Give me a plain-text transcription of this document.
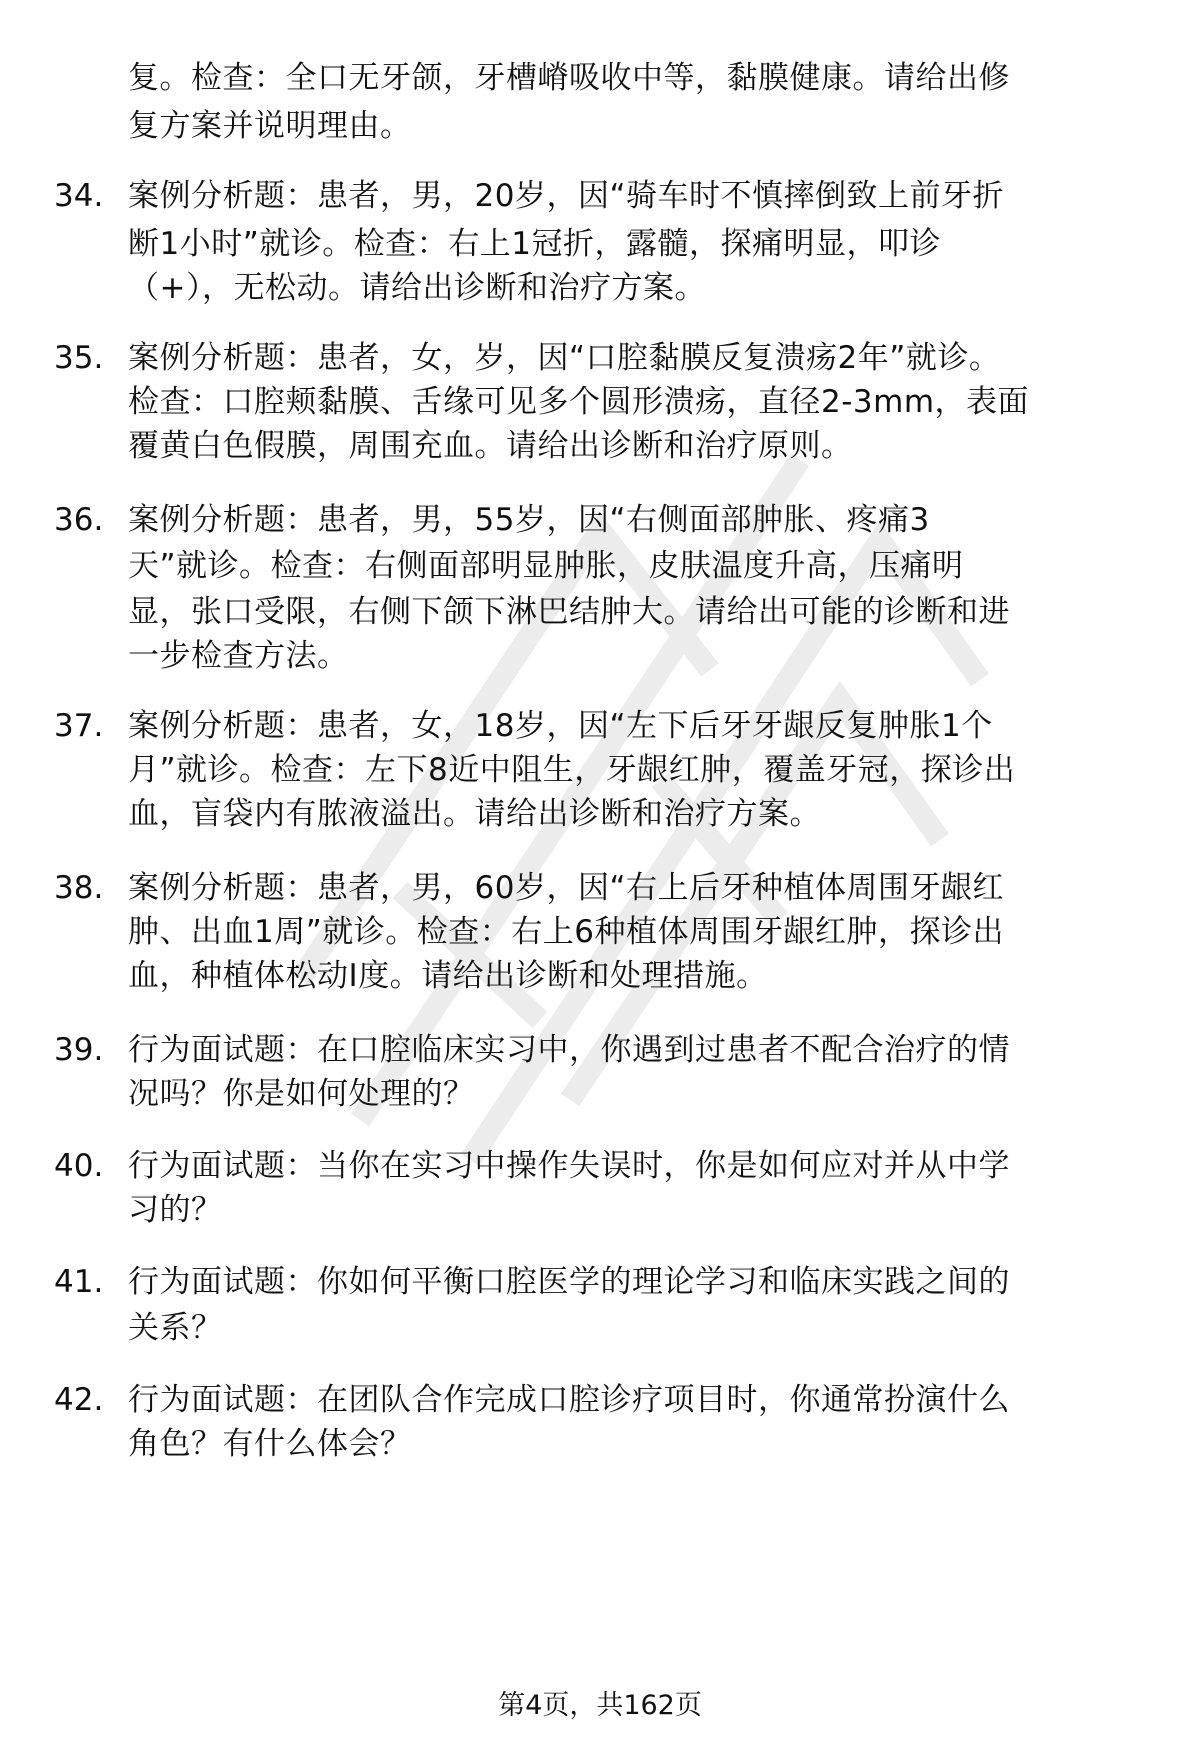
复。检查：全口无牙颌，牙槽嵴吸收中等，黏膜健康。请给出修
复方案并说明理由。
34. 案例分析题：患者，男，20岁，因“骑车时不慎摔倒致上前牙折
断1小时”就诊。检查：右上1冠折，露髓，探痛明显，叩诊
（+），无松动。请给出诊断和治疗方案。
35. 案例分析题：患者，女，岁，因“口腔黏膜反复溃疡2年”就诊。
检查：口腔颊黏膜、舌缘可见多个圆形溃疡，直径2-3mm，表面
覆黄白色假膜，周围充血。请给出诊断和治疗原则。
36. 案例分析题：患者，男，55岁，因“右侧面部肿胀、疼痛3
天”就诊。检查：右侧面部明显肿胀，皮肤温度升高，压痛明
显，张口受限，右侧下颌下淋巴结肿大。请给出可能的诊断和进
一步检查方法。
37. 案例分析题：患者，女，18岁，因“左下后牙牙龈反复肿胀1个
月”就诊。检查：左下8近中阻生，牙龈红肿，覆盖牙冠，探诊出
血，盲袋内有脓液溢出。请给出诊断和治疗方案。
38. 案例分析题：患者，男，60岁，因“右上后牙种植体周围牙龈红
肿、出血1周”就诊。检查：右上6种植体周围牙龈红肿，探诊出
血，种植体松动Ⅰ度。请给出诊断和处理措施。
39. 行为面试题：在口腔临床实习中，你遇到过患者不配合治疗的情
况吗？你是如何处理的？
40. 行为面试题：当你在实习中操作失误时，你是如何应对并从中学
习的？
41. 行为面试题：你如何平衡口腔医学的理论学习和临床实践之间的
关系？
42. 行为面试题：在团队合作完成口腔诊疗项目时，你通常扮演什么
角色？有什么体会？
第4页，共162页
